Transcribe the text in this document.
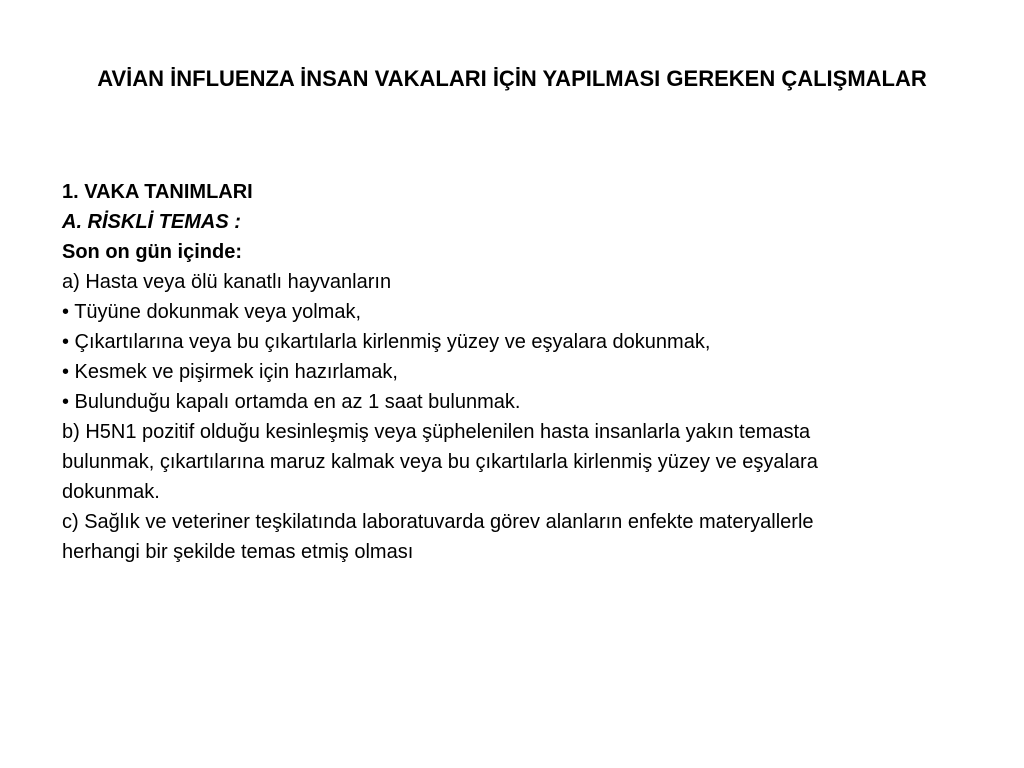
AVİAN İNFLUENZA İNSAN VAKALARI İÇİN YAPILMASI GEREKEN ÇALIŞMALAR
1. VAKA TANIMLARI
A. RİSKLİ TEMAS :
Son on gün içinde:
a) Hasta veya ölü kanatlı hayvanların
• Tüyüne dokunmak veya yolmak,
• Çıkartılarına veya bu çıkartılarla kirlenmiş yüzey ve eşyalara dokunmak,
• Kesmek ve pişirmek için hazırlamak,
• Bulunduğu kapalı ortamda en az 1 saat bulunmak.
b) H5N1 pozitif olduğu kesinleşmiş veya şüphelenilen hasta insanlarla yakın temasta
bulunmak, çıkartılarına maruz kalmak veya bu çıkartılarla kirlenmiş yüzey ve eşyalara
dokunmak.
c) Sağlık ve veteriner teşkilatında laboratuvarda görev alanların enfekte materyallerle
herhangi bir şekilde temas etmiş olması
